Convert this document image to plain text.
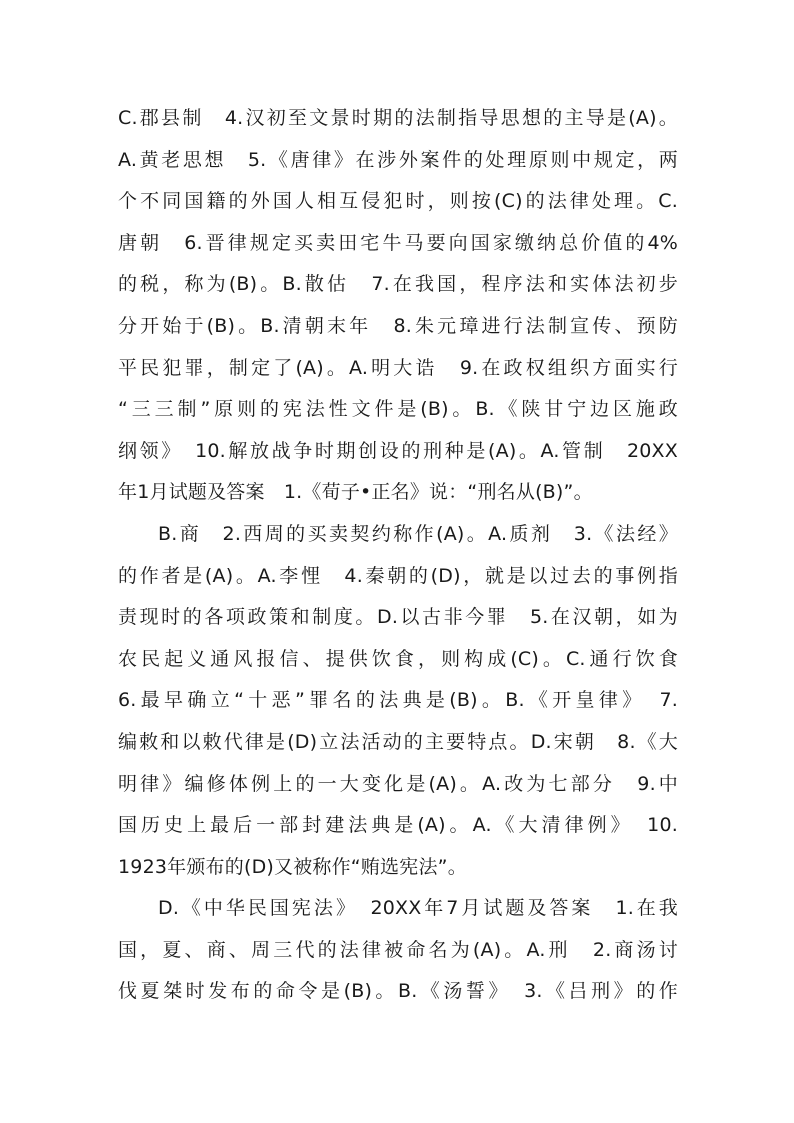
C.郡县制　4.汉初至文景时期的法制指导思想的主导是(A)。
A.黄老思想　5.《唐律》在涉外案件的处理原则中规定，两
个不同国籍的外国人相互侵犯时，则按(C)的法律处理。C.
唐朝　6.晋律规定买卖田宅牛马要向国家缴纳总价值的4%
的税，称为(B)。B.散估　7.在我国，程序法和实体法初步
分开始于(B)。B.清朝末年　8.朱元璋进行法制宣传、预防
平民犯罪，制定了(A)。A.明大诰　9.在政权组织方面实行
“三三制”原则的宪法性文件是(B)。B.《陕甘宁边区施政
纲领》　10.解放战争时期创设的刑种是(A)。A.管制　20XX
年1月试题及答案　1.《荀子•正名》说：“刑名从(B)”。
B.商　2.西周的买卖契约称作(A)。A.质剂　3.《法经》
的作者是(A)。A.李悝　4.秦朝的(D)，就是以过去的事例指
责现时的各项政策和制度。D.以古非今罪　5.在汉朝，如为
农民起义通风报信、提供饮食，则构成(C)。C.通行饮食
6.最早确立“十恶”罪名的法典是(B)。B.《开皇律》　7.
编敕和以敕代律是(D)立法活动的主要特点。D.宋朝　8.《大
明律》编修体例上的一大变化是(A)。A.改为七部分　9.中
国历史上最后一部封建法典是(A)。A.《大清律例》　10.
1923年颁布的(D)又被称作“贿选宪法”。
D.《中华民国宪法》　20XX年7月试题及答案　1.在我
国，夏、商、周三代的法律被命名为(A)。A.刑　2.商汤讨
伐夏桀时发布的命令是(B)。B.《汤誓》　3.《吕刑》的作
